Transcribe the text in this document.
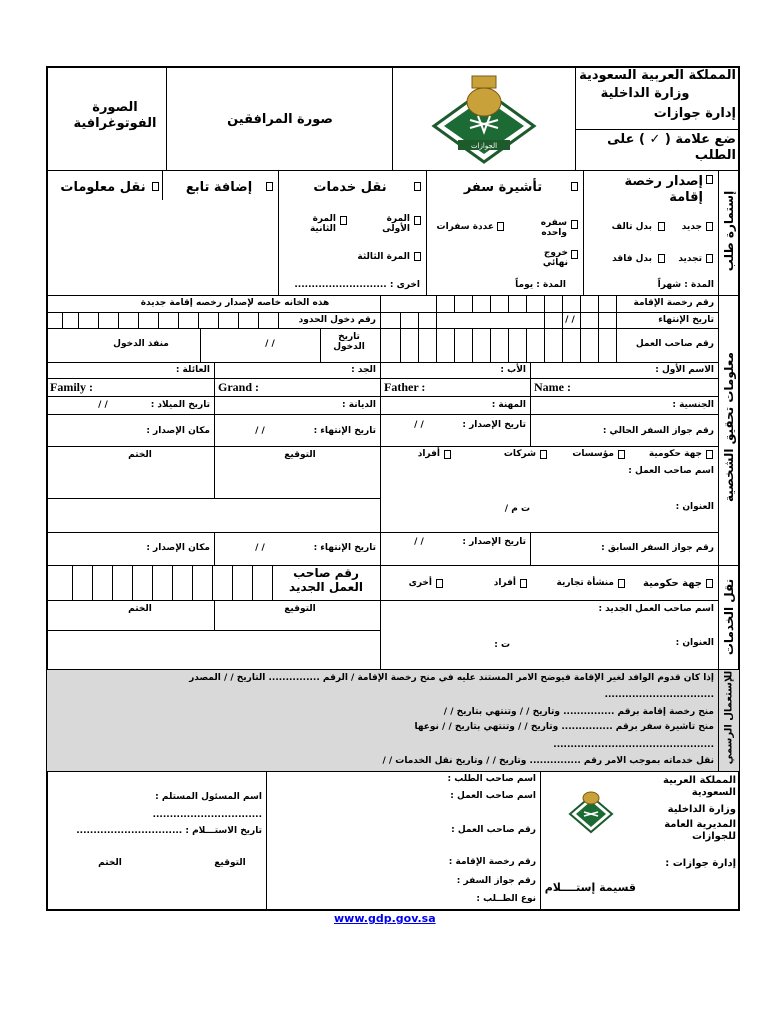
الصورة الفوتوغرافية	صورة المرافقين
الجوازات
المملكة العربية السعودية
وزارة الداخلية
إدارة جوازات
ضع علامة ( ✓ ) على الطلب
إستمارة طلب
إصدار رخصة إقامة
تأشيرة سفر
نقل خدمات
إضافة تابع
نقل معلومات
جديد
بدل تالف
تجديد
بدل فاقد
المدة : شهراً
سفره واحده
عددة سفرات
خروج نهائي
المدة : يوماً
المرة الأولى
المرة الثانية
المرة الثالثة
أخرى : ...........................
معلومات تحقيق الشخصية
رقم رخصة الإقامة
هذه الخانه خاصه لإصدار رخصه إقامة جديدة
تاريخ الإنتهاء
/ /
رقم دخول الحدود
رقم صاحب العمل
تاريخ الدخول
/ /
منفذ الدخول
الاسم الأول :
الأب :
الجد :
العائلة :
Name :
Father :
Grand :
Family :
الجنسية :
المهنة :
الديانة :
تاريخ الميلاد :
/ /
رقم جواز السفر الحالي :
تاريخ الإصدار :
/ /
تاريخ الإنتهاء :
/ /
مكان الإصدار :
جهة حكومية
مؤسسات
شركات
أفراد
اسم صاحب العمل :
التوقيع
الختم
العنوان :
ت م /
رقم جواز السفر السابق :
تاريخ الإصدار :
/ /
تاريخ الإنتهاء :
/ /
مكان الإصدار :
نقل الخدمات
جهة حكومية
منشأة تجارية
أفراد
أخرى
رقم صاحب العمل الجديد
اسم صاحب العمل الجديد :
التوقيع
الختم
العنوان :
ت :
للإستعمال الرسمي
إذا كان قدوم الوافد لغير الإقامة فيوضح الامر المستند عليه في منح رخصة الإقامة / الرقم ............... التاريخ / / المصدر
................................
منح رخصة إقامة برقم ............... وتاريخ / / وتنتهي بتاريخ / /
منح تأشيرة سفر برقم ............... وتاريخ / / وتنتهي بتاريخ / / نوعها
...............................................
نقل خدماته بموجب الأمر رقم ............... وتاريخ / / وتاريخ نقل الخدمات / /
المملكة العربية السعودية
وزارة الداخلية
المديرية العامة للجوازات
إدارة جوازات :
قسيمة إستــــلام
اسم صاحب الطلب :
اسم صاحب العمل :
رقم صاحب العمل :
رقم رخصة الإقامة :
رقم جواز السفر :
نوع الطــلب :
اسم المسئول المستلم :
................................
تاريخ الاستـــلام : ...............................
التوقيع
الختم
www.gdp.gov.sa
